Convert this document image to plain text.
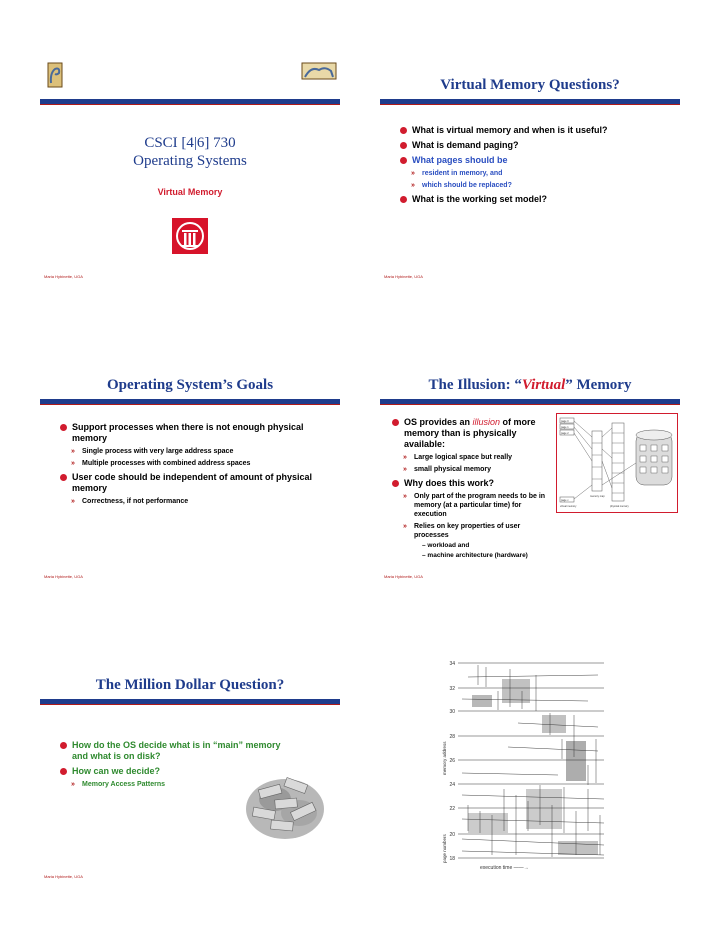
CSCI [4|6] 730
Operating Systems
Virtual Memory
Maria Hybinette, UGA
Virtual Memory Questions?
What is virtual memory and when is it useful?
What is demand paging?
What pages should be
» resident in memory, and
» which should be replaced?
What is the working set model?
Maria Hybinette, UGA
Operating System’s Goals
Support processes when there is not enough physical memory
» Single process with very large address space
» Multiple processes with combined address spaces
User code should be independent of amount of physical memory
» Correctness, if not performance
Maria Hybinette, UGA
The Illusion: “Virtual” Memory
OS provides an illusion of more memory than is physically available:
» Large logical space but really
» small physical memory
Why does this work?
» Only part of the program needs to be in memory (at a particular time) for execution
» Relies on key properties of user processes
– workload and
– machine architecture (hardware)
page 0
page 1
page 2
page v
virtual memory
memory map
physical memory
Maria Hybinette, UGA
The Million Dollar Question?
How do the OS decide what is in “main” memory and what is on disk?
How can we decide?
» Memory Access Patterns
Maria Hybinette, UGA
34
32
30
28
26
24
22
20
18
memory address
page numbers
execution time ——→
